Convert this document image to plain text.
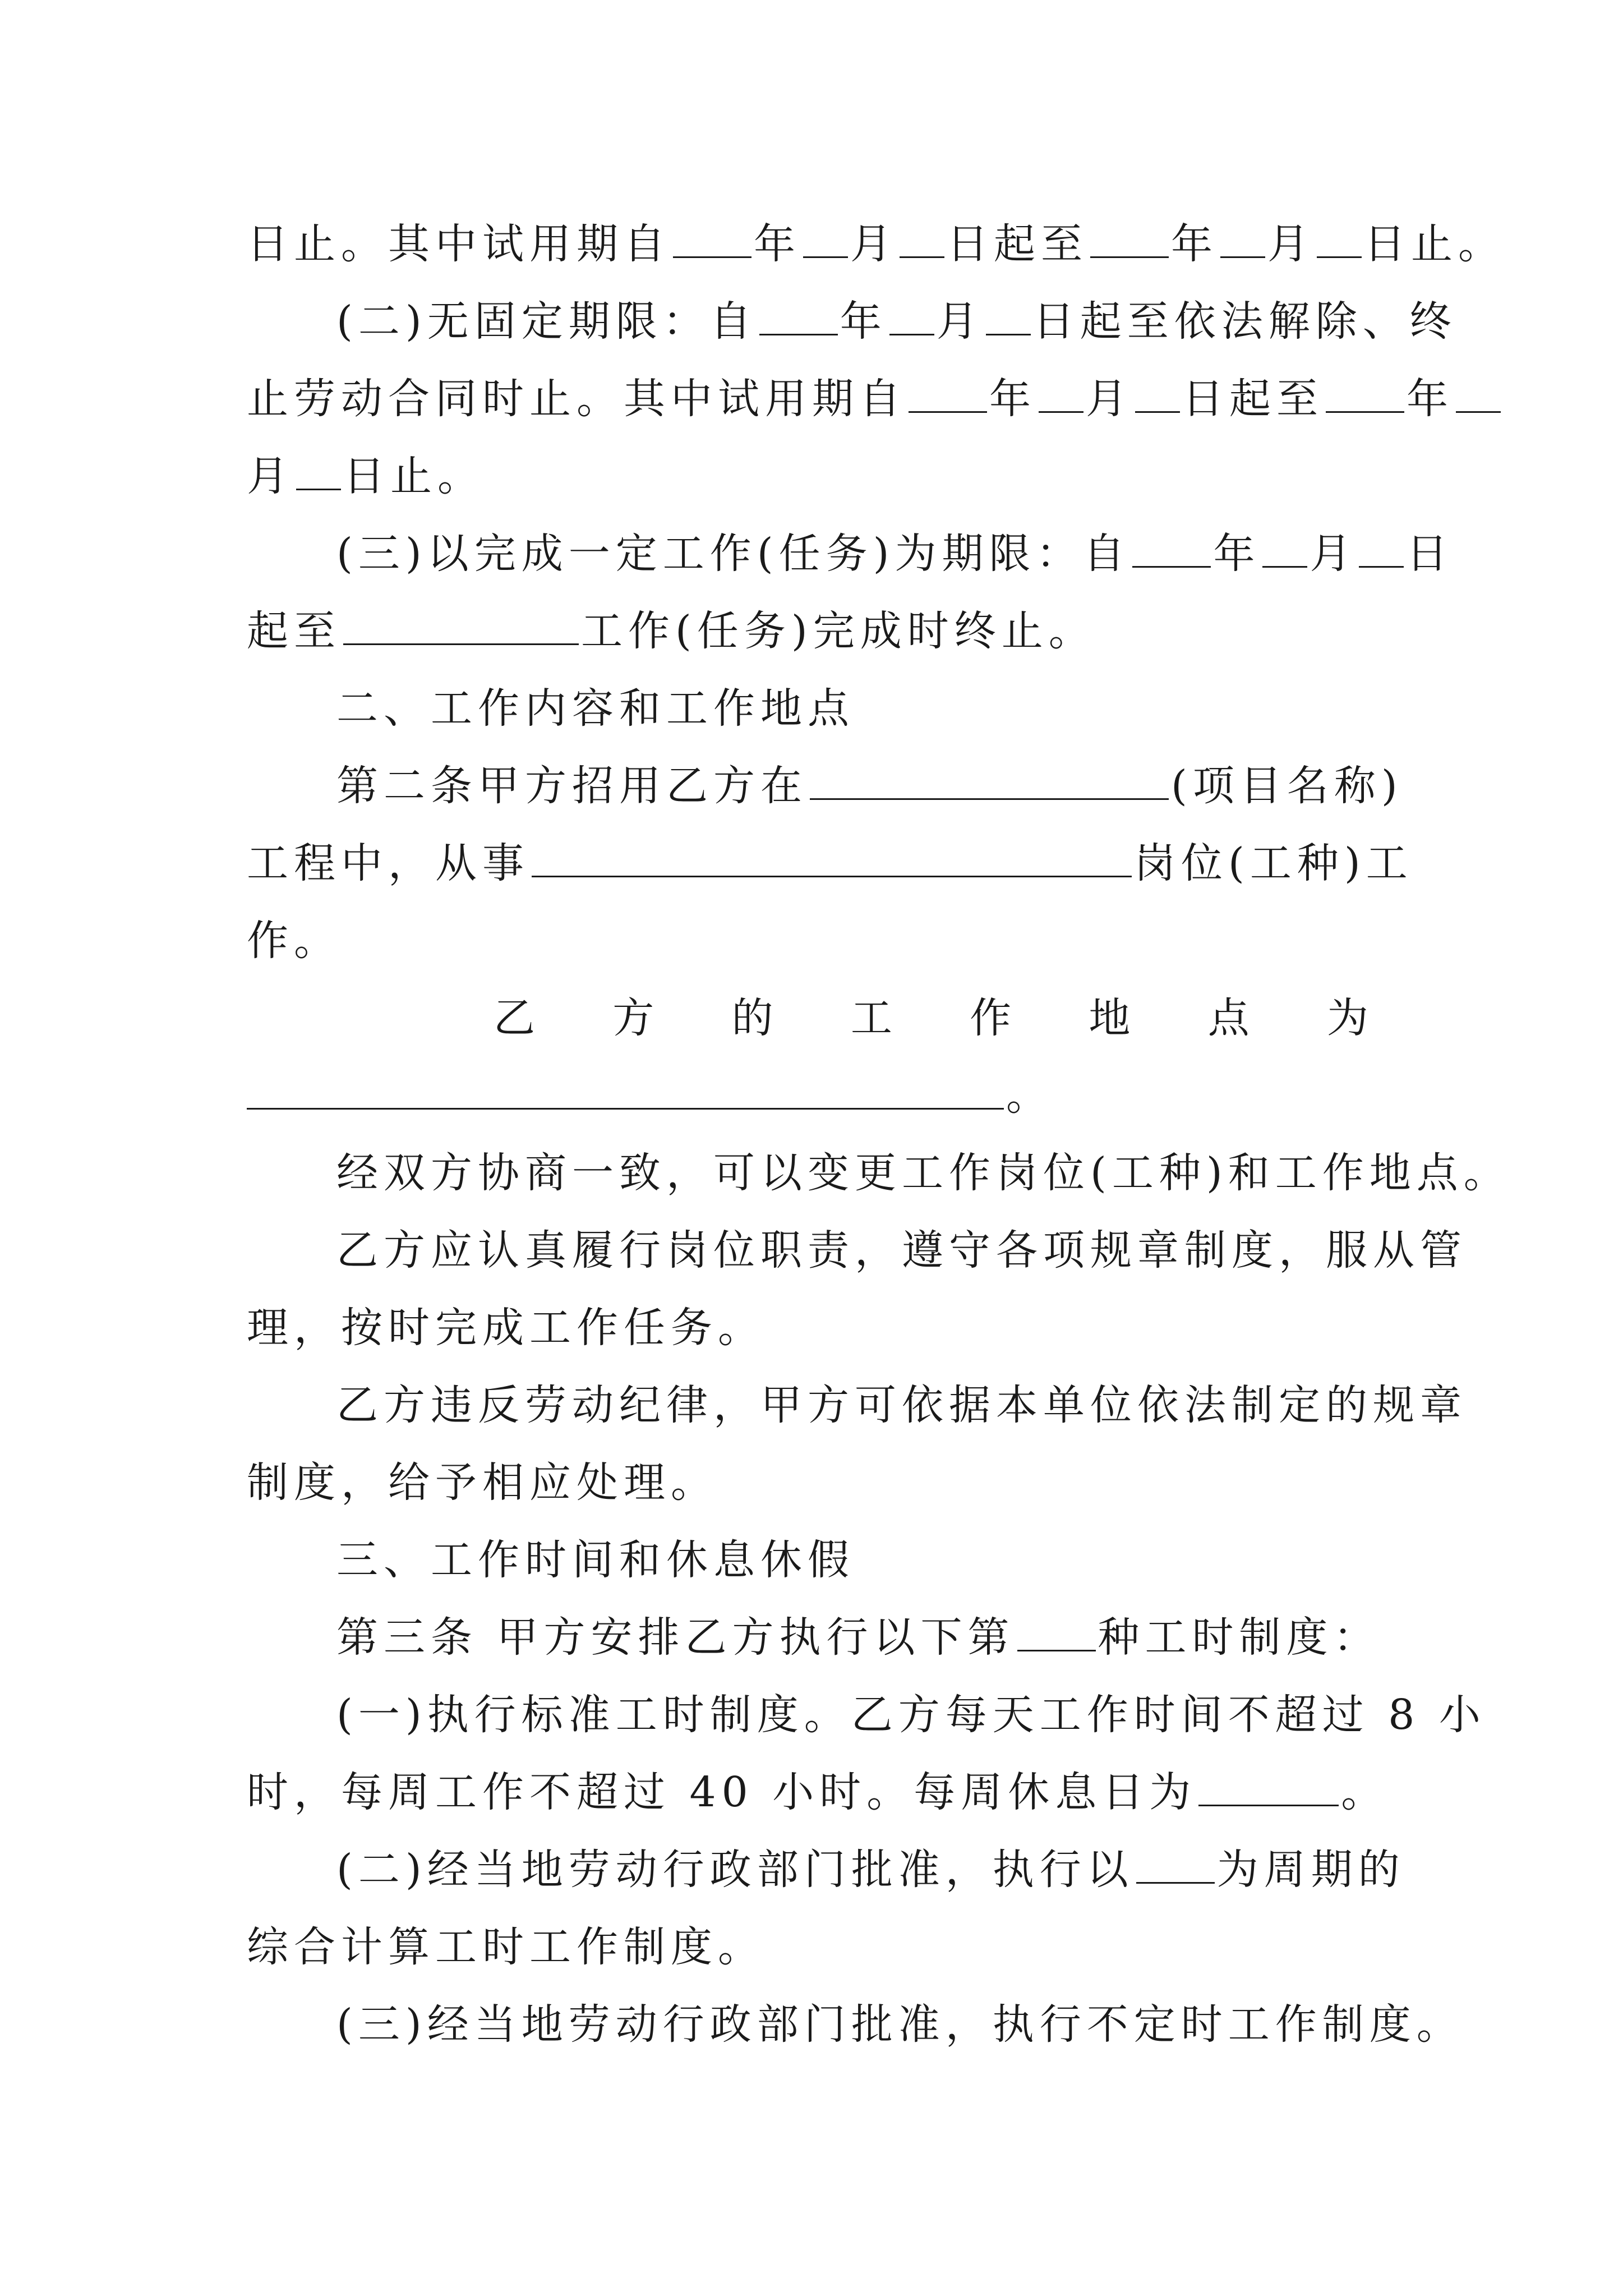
日止。其中试用期自 年 月 日起至 年 月 日止。
(二)无固定期限：自 年 月 日起至依法解除、终
止劳动合同时止。其中试用期自 年 月 日起至 年
月 日止。
(三)以完成一定工作(任务)为期限：自 年 月 日
起至	工作(任务)完成时终止。
二、工作内容和工作地点
第二条甲方招用乙方在	(项目名称)
工程中，从事	岗位(工种)工
作。
乙 方 的 工 作 地 点 为
。
经双方协商一致，可以变更工作岗位(工种)和工作地点。
乙方应认真履行岗位职责，遵守各项规章制度，服从管
理，按时完成工作任务。
乙方违反劳动纪律，甲方可依据本单位依法制定的规章
制度，给予相应处理。
三、工作时间和休息休假
第三条 甲方安排乙方执行以下第 种工时制度：
(一)执行标准工时制度。乙方每天工作时间不超过 8 小
时，每周工作不超过 40 小时。每周休息日为	。
(二)经当地劳动行政部门批准，执行以 为周期的
综合计算工时工作制度。
(三)经当地劳动行政部门批准，执行不定时工作制度。
